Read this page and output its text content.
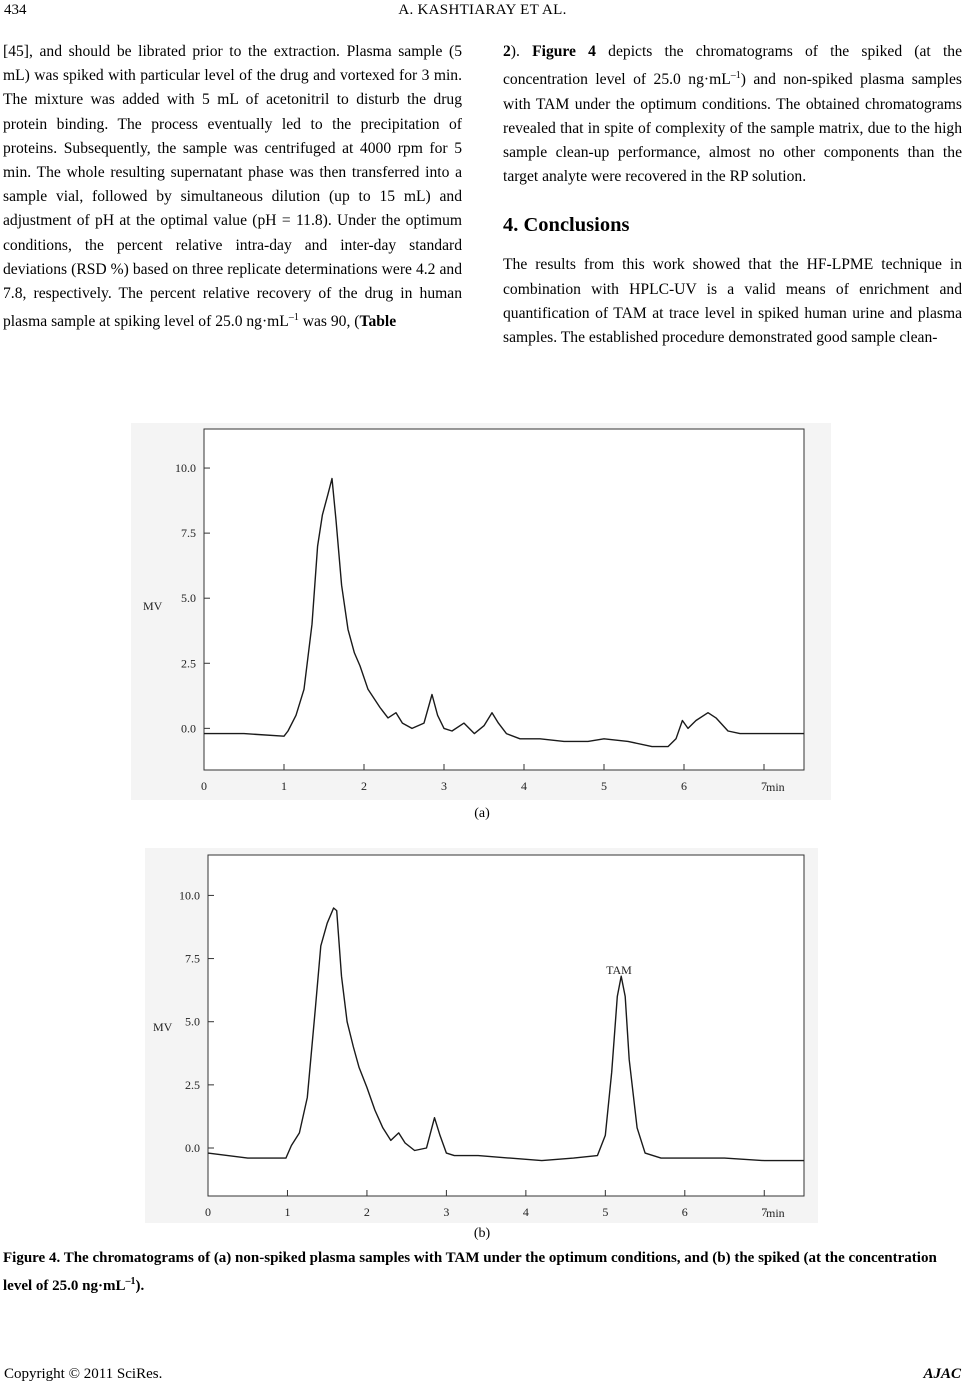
434	A. KASHTIARAY ET AL.

[45], and should be librated prior to the extraction. Plasma sample (5 mL) was spiked with particular level of the drug and vortexed for 3 min. The mixture was added with 5 mL of acetonitril to disturb the drug protein binding. The process eventually led to the precipitation of proteins. Subsequently, the sample was centrifuged at 4000 rpm for 5 min. The whole resulting supernatant phase was then transferred into a sample vial, followed by simultaneous dilution (up to 15 mL) and adjustment of pH at the optimal value (pH = 11.8). Under the optimum conditions, the percent relative intra-day and inter-day standard deviations (RSD %) based on three replicate determinations were 4.2 and 7.8, respectively. The percent relative recovery of the drug in human plasma sample at spiking level of 25.0 $ng\cdot mL^{-1}$ was 90, (Table

2). Figure 4 depicts the chromatograms of the spiked (at the concentration level of 25.0 $ng\cdot mL^{-1}$) and non-spiked plasma samples with TAM under the optimum conditions. The obtained chromatograms revealed that in spite of complexity of the sample matrix, due to the high sample clean-up performance, almost no other components than the target analyte were recovered in the RP solution.

4. Conclusions

The results from this work showed that the HF-LPME technique in combination with HPLC-UV is a valid means of enrichment and quantification of TAM at trace level in spiked human urine and plasma samples. The established procedure demonstrated good sample clean-

0.0
2.5
5.0
7.5
10.0
0	1	2	3	4	5	6	7 min
MV
(a)
0.0
2.5
5.0
7.5
10.0
0	1	2	3	4	5	6	7
min
MV
TAM
(b)
Figure 4. The chromatograms of (a) non-spiked plasma samples with TAM under the optimum conditions, and (b) the spiked (at the concentration level of 25.0 $ng\cdot mL^{-1}$).
Copyright © 2011 SciRes.	AJAC
